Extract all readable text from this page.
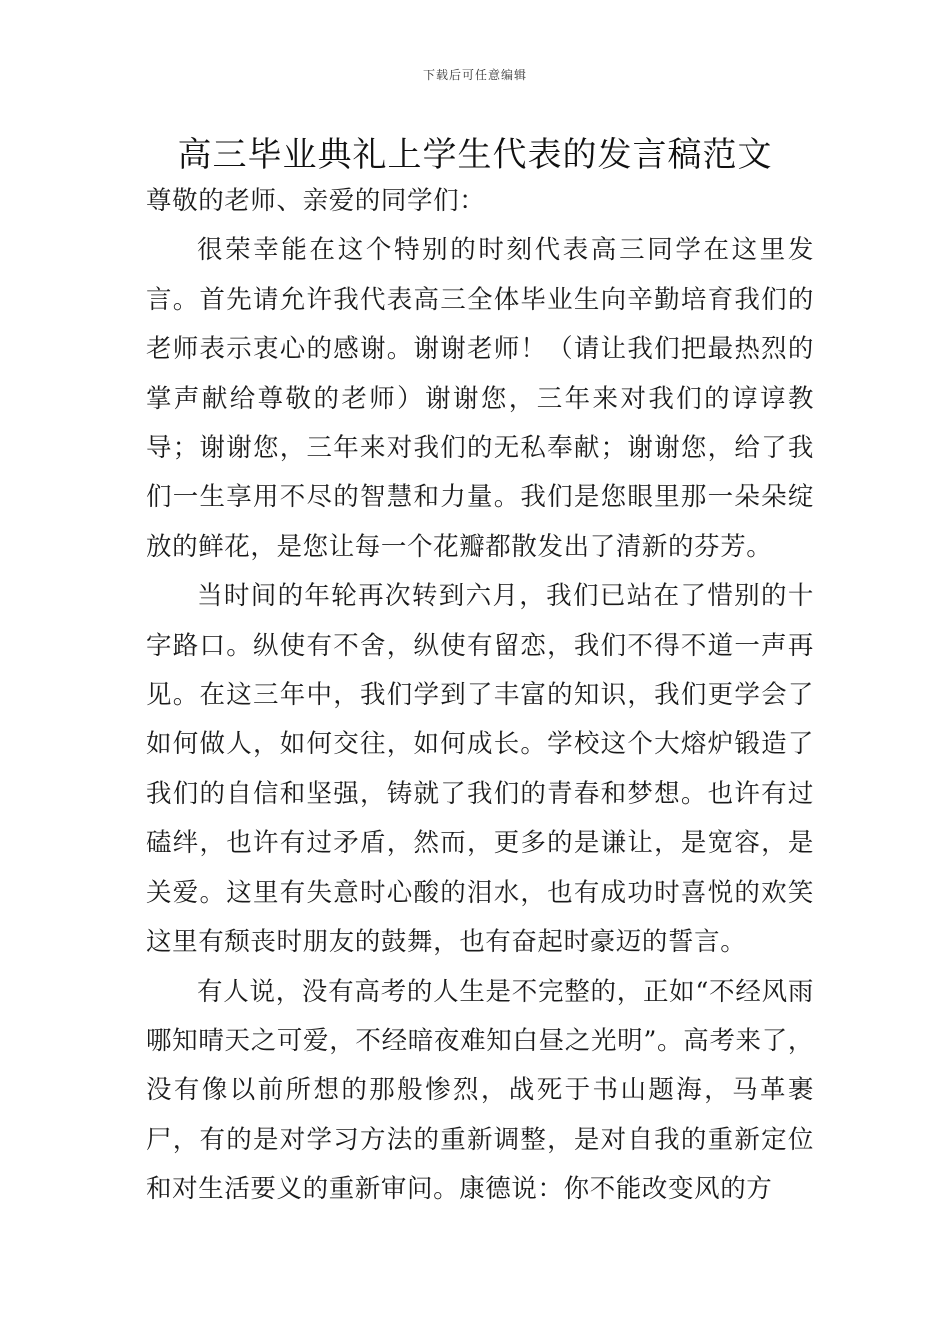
下载后可任意编辑
高三毕业典礼上学生代表的发言稿范文

尊敬的老师、亲爱的同学们：

很荣幸能在这个特别的时刻代表高三同学在这里发言。首先请允许我代表高三全体毕业生向辛勤培育我们的老师表示衷心的感谢。谢谢老师！（请让我们把最热烈的掌声献给尊敬的老师）谢谢您，三年来对我们的谆谆教导；谢谢您，三年来对我们的无私奉献；谢谢您，给了我们一生享用不尽的智慧和力量。我们是您眼里那一朵朵绽放的鲜花，是您让每一个花瓣都散发出了清新的芬芳。

当时间的年轮再次转到六月，我们已站在了惜别的十字路口。纵使有不舍，纵使有留恋，我们不得不道一声再见。在这三年中，我们学到了丰富的知识，我们更学会了如何做人，如何交往，如何成长。学校这个大熔炉锻造了我们的自信和坚强，铸就了我们的青春和梦想。也许有过磕绊，也许有过矛盾，然而，更多的是谦让，是宽容，是关爱。这里有失意时心酸的泪水，也有成功时喜悦的欢笑这里有颓丧时朋友的鼓舞，也有奋起时豪迈的誓言。

有人说，没有高考的人生是不完整的，正如“不经风雨哪知晴天之可爱，不经暗夜难知白昼之光明”。高考来了，没有像以前所想的那般惨烈，战死于书山题海，马革裹尸，有的是对学习方法的重新调整，是对自我的重新定位和对生活要义的重新审问。康德说：你不能改变风的方
